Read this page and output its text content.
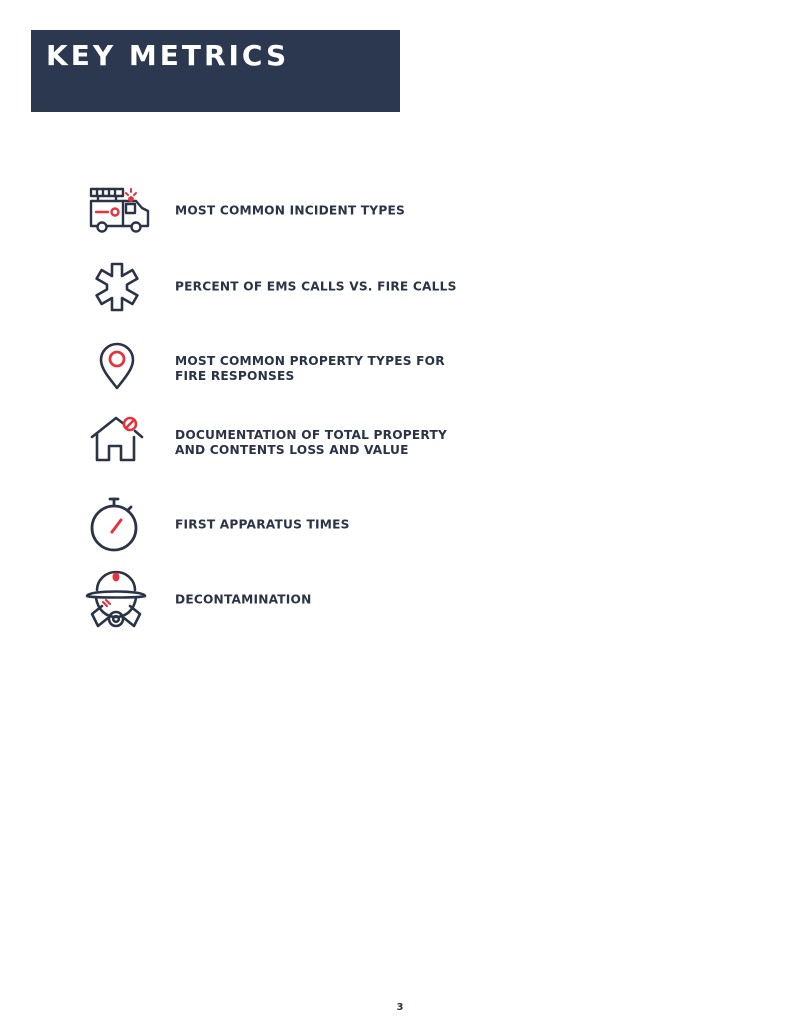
KEY METRICS
MOST COMMON INCIDENT TYPES
PERCENT OF EMS CALLS VS. FIRE CALLS
MOST COMMON PROPERTY TYPES FOR FIRE RESPONSES
DOCUMENTATION OF TOTAL PROPERTY AND CONTENTS LOSS AND VALUE
FIRST APPARATUS TIMES
DECONTAMINATION
3
